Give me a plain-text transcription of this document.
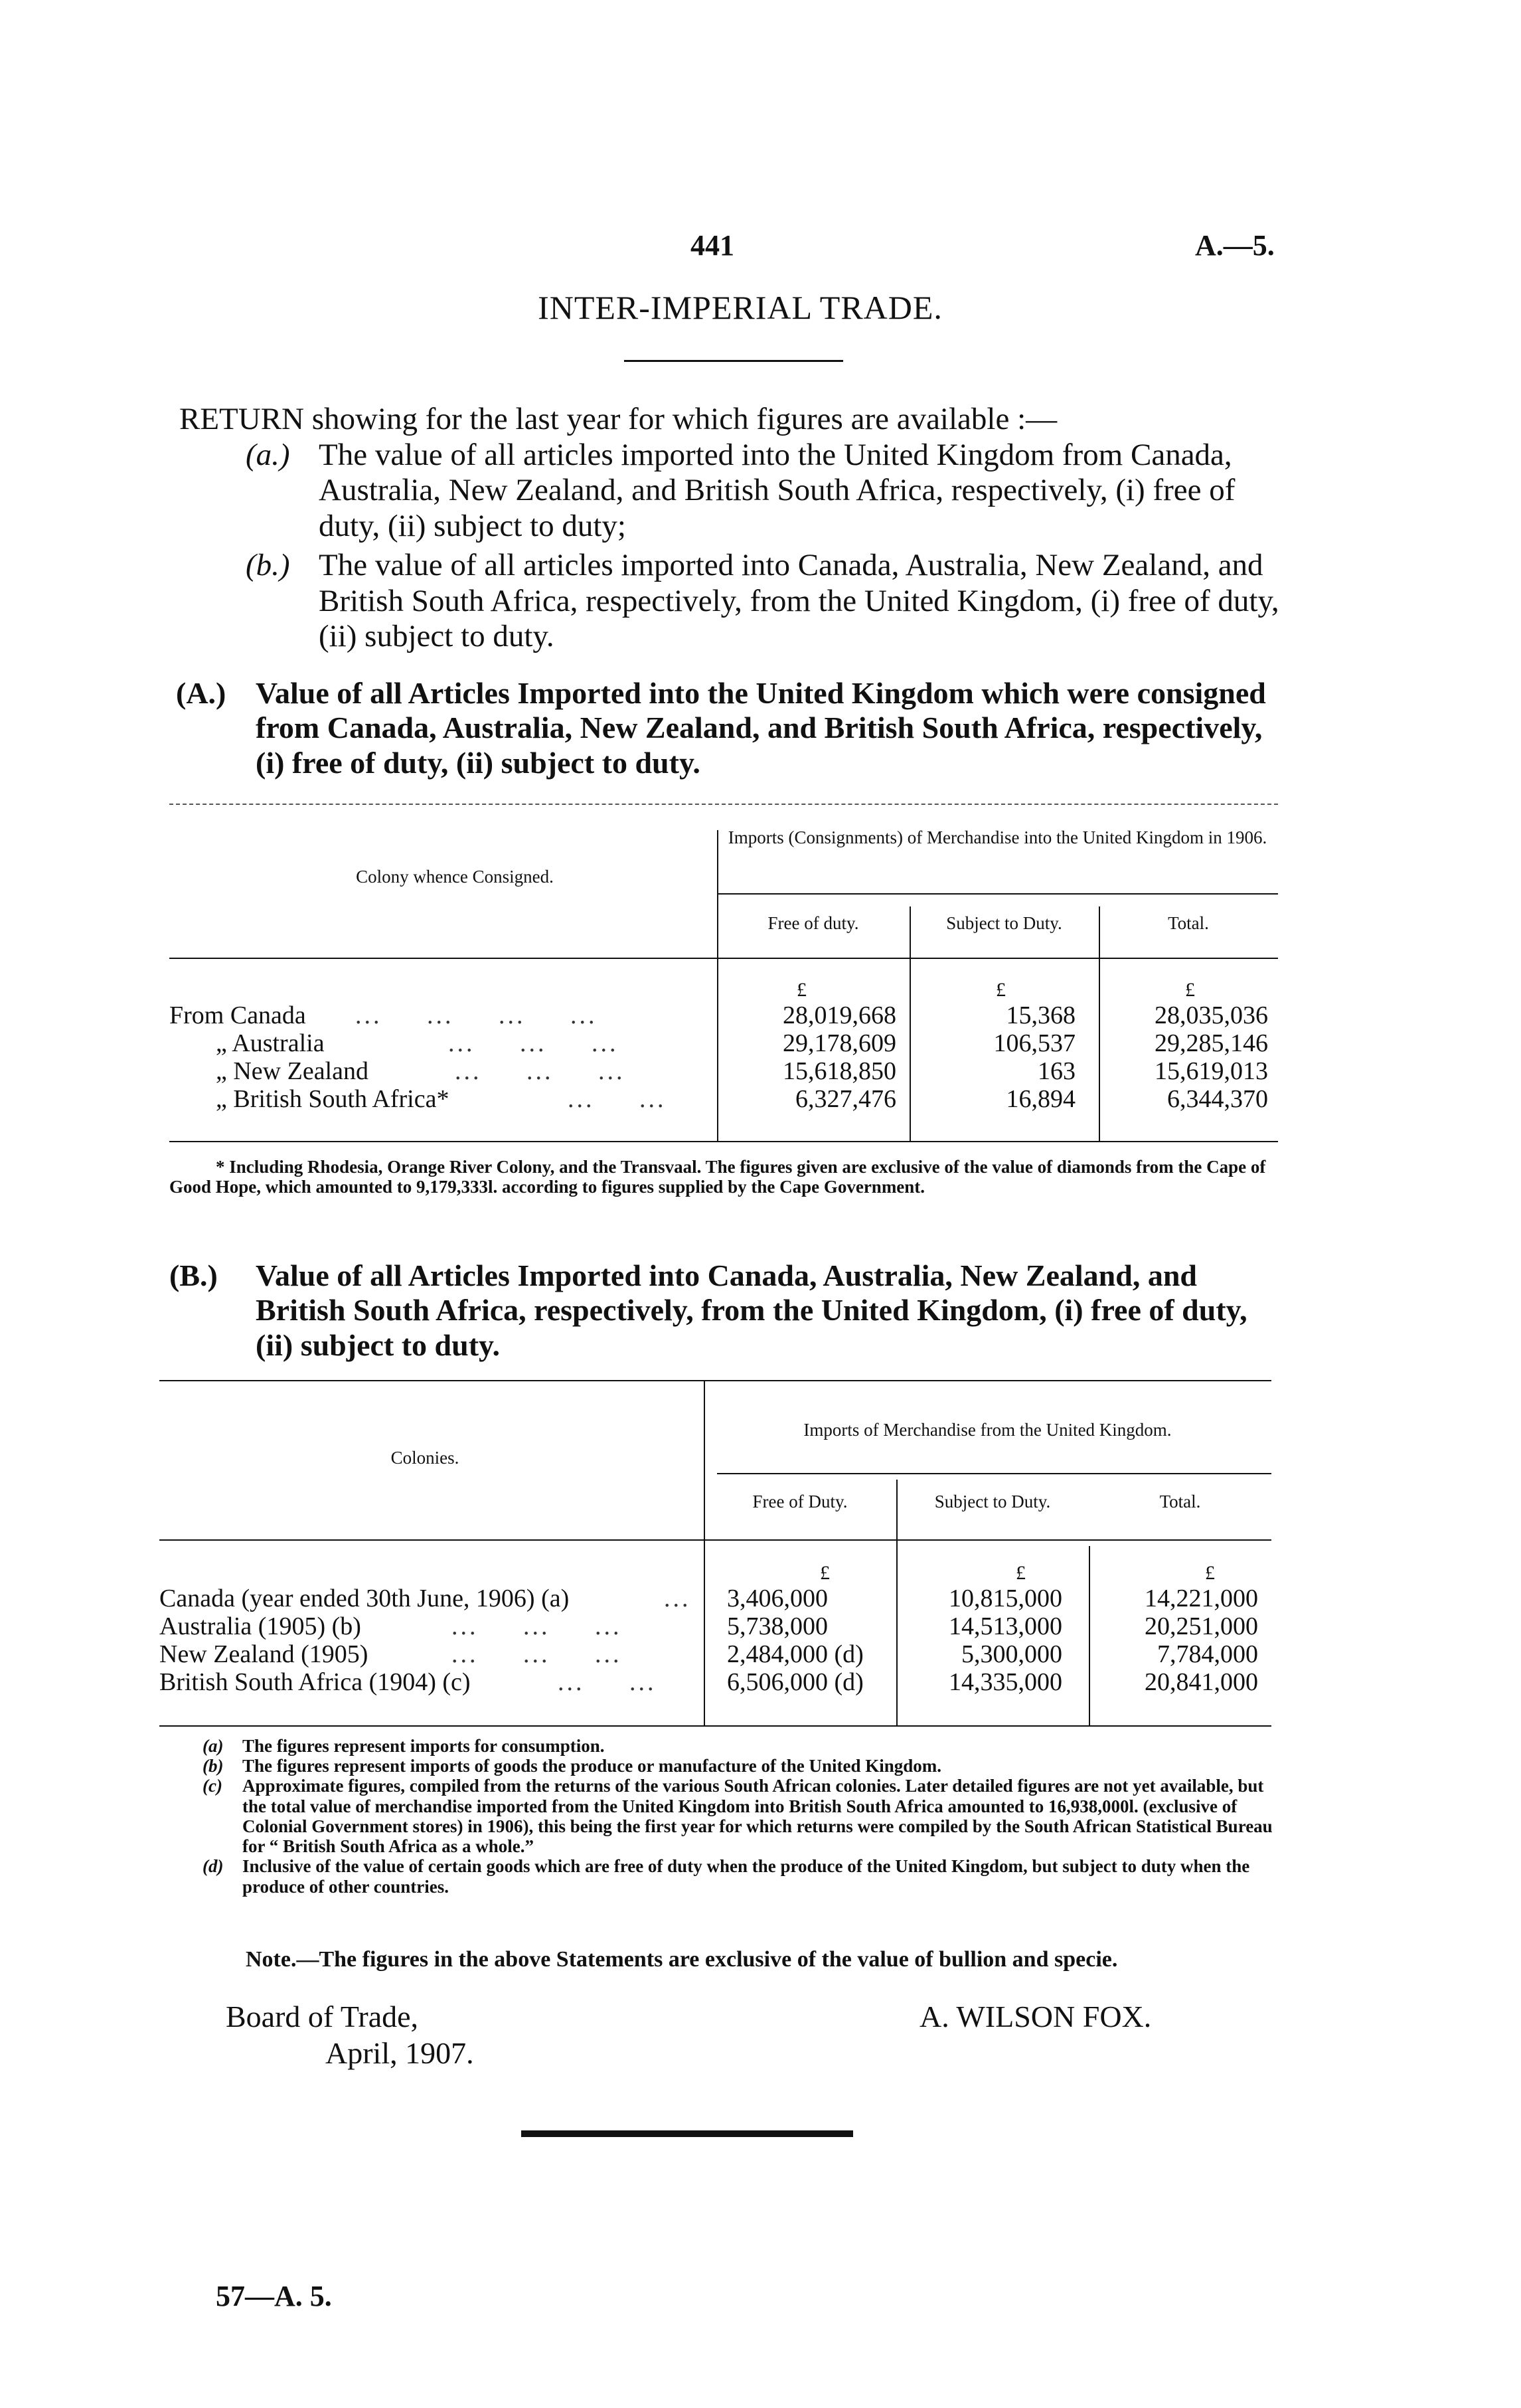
441	A.—5.
INTER-IMPERIAL TRADE.

RETURN showing for the last year for which figures are available :—

(a.) The value of all articles imported into the United Kingdom from Canada, Australia, New Zealand, and British South Africa, respectively, (i) free of duty, (ii) subject to duty;

(b.) The value of all articles imported into Canada, Australia, New Zealand, and British South Africa, respectively, from the United Kingdom, (i) free of duty, (ii) subject to duty.

(A.) Value of all Articles Imported into the United Kingdom which were consigned from Canada, Australia, New Zealand, and British South Africa, respectively, (i) free of duty, (ii) subject to duty.
Colony whence Consigned.
Imports (Consignments) of Merchandise into the United Kingdom in 1906.
Free of duty.	Subject to Duty.	Total.
£	£	£
From Canada ...     ...     ...     ...	28,019,668	15,368	28,035,036
„ Australia	...     ...     ...	29,178,609	106,537	29,285,146
„ New Zealand	...     ...     ...	15,618,850	163	15,619,013
„ British South Africa*	...     ...	6,327,476	16,894	6,344,370
* Including Rhodesia, Orange River Colony, and the Transvaal. The figures given are exclusive of the value of diamonds from the Cape of Good Hope, which amounted to 9,179,333l. according to figures supplied by the Cape Government.
(B.)	Value of all Articles Imported into Canada, Australia, New Zealand, and British South Africa, respectively, from the United Kingdom, (i) free of duty, (ii) subject to duty.
Colonies.
Imports of Merchandise from the United Kingdom.
Free of Duty.	Subject to Duty.	Total.
£	£	£
Canada (year ended 30th June, 1906) (a)	... 3,406,000	10,815,000	14,221,000
Australia (1905) (b)	...     ...     ...	5,738,000	14,513,000	20,251,000
New Zealand (1905)	...     ...     ...	2,484,000 (d)	5,300,000	7,784,000
British South Africa (1904) (c)	...     ...	6,506,000 (d)	14,335,000	20,841,000
(a) The figures represent imports for consumption.
(b) The figures represent imports of goods the produce or manufacture of the United Kingdom.
(c) Approximate figures, compiled from the returns of the various South African colonies. Later detailed figures are not yet available, but the total value of merchandise imported from the United Kingdom into British South Africa amounted to 16,938,000l. (exclusive of Colonial Government stores) in 1906), this being the first year for which returns were compiled by the South African Statistical Bureau for “ British South Africa as a whole.”
(d) Inclusive of the value of certain goods which are free of duty when the produce of the United Kingdom, but subject to duty when the produce of other countries.
Note.—The figures in the above Statements are exclusive of the value of bullion and specie.
Board of Trade,
April, 1907.
A. WILSON FOX.
57—A. 5.
